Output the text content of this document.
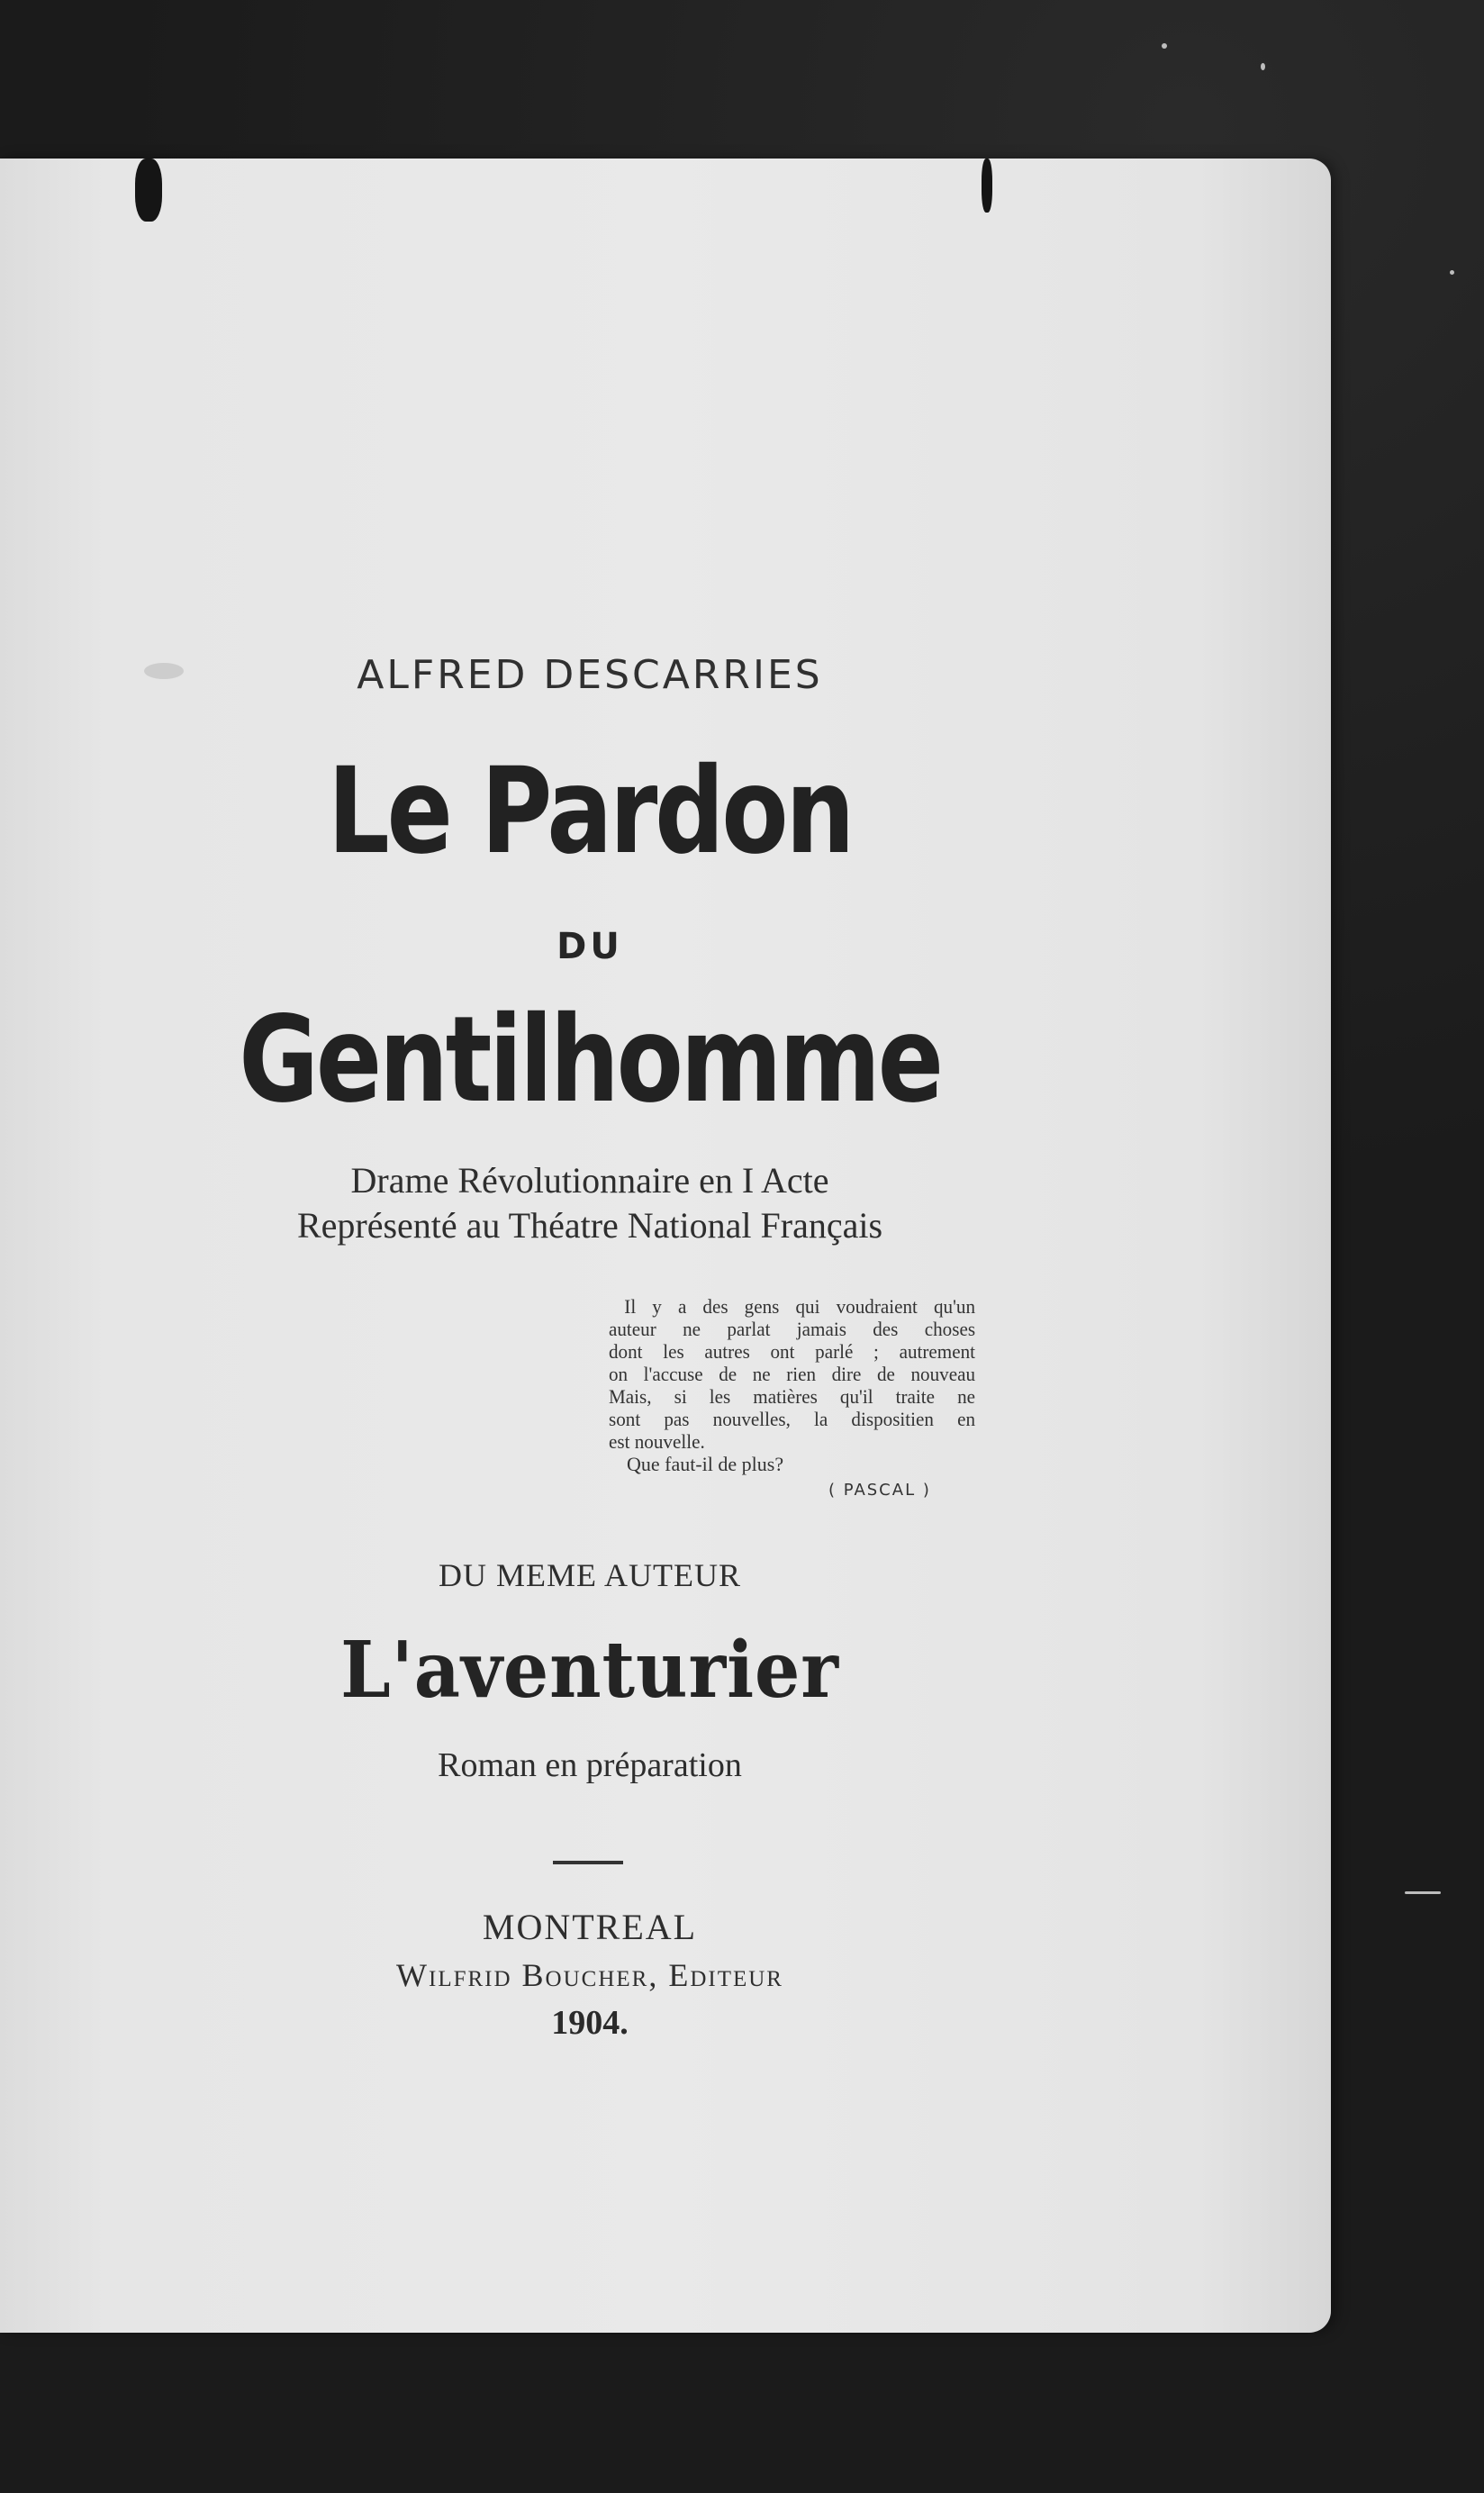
ALFRED DESCARRIES
Le Pardon
DU
Gentilhomme
Drame Révolutionnaire en I Acte
Représenté au Théatre National Français
Il y a des gens qui voudraient qu'un
auteur ne parlat jamais des choses
dont les autres ont parlé ; autrement
on l'accuse de ne rien dire de nouveau
Mais, si les matières qu'il traite ne
sont pas nouvelles, la dispositien en
est nouvelle.
Que faut-il de plus?
( PASCAL )
DU MEME AUTEUR
L'aventurier
Roman en préparation
MONTREAL
Wilfrid Boucher, Editeur
1904.
